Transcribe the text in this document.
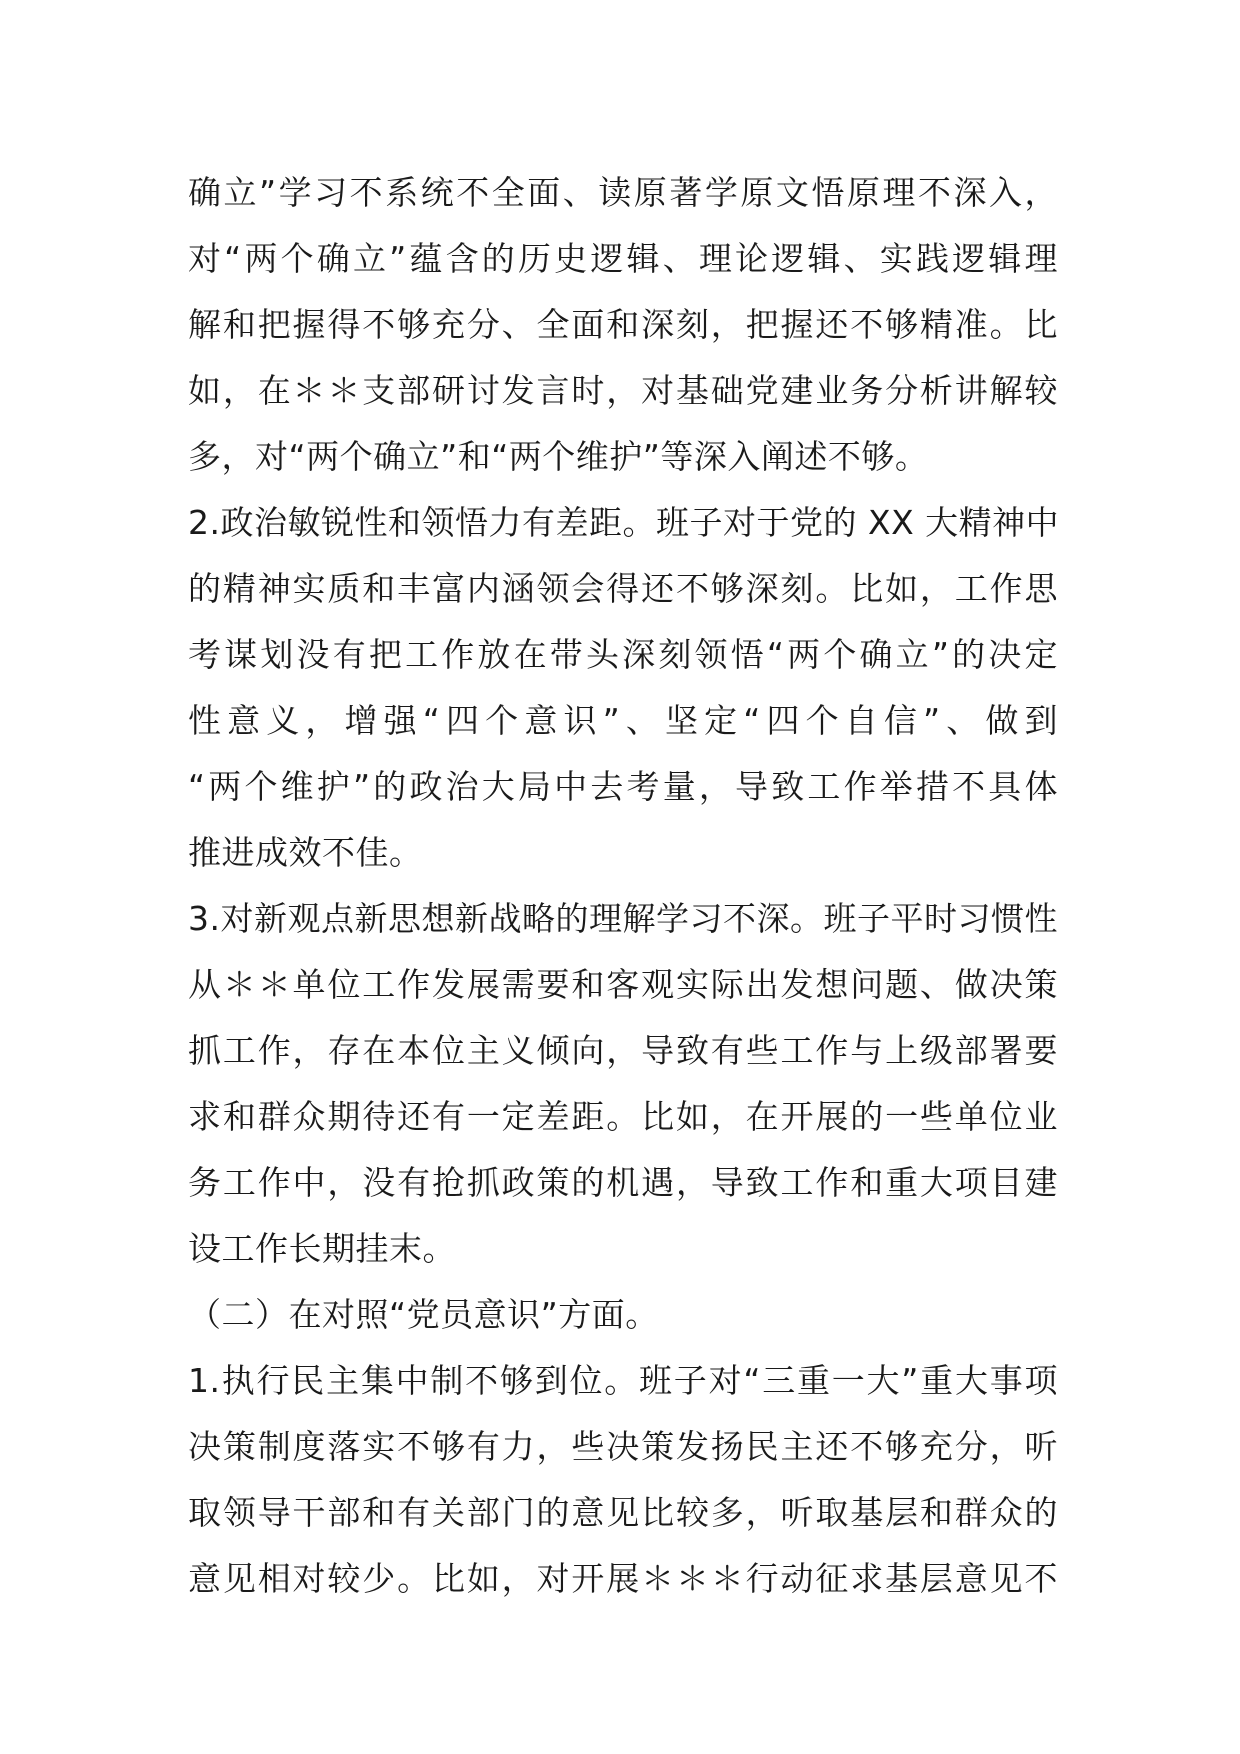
确立”学习不系统不全面、读原著学原文悟原理不深入，
对“两个确立”蕴含的历史逻辑、理论逻辑、实践逻辑理
解和把握得不够充分、全面和深刻，把握还不够精准。比
如，在＊＊支部研讨发言时，对基础党建业务分析讲解较
多，对“两个确立”和“两个维护”等深入阐述不够。
2.政治敏锐性和领悟力有差距。班子对于党的 XX 大精神中
的精神实质和丰富内涵领会得还不够深刻。比如，工作思
考谋划没有把工作放在带头深刻领悟“两个确立”的决定
性意义，增强“四个意识”、坚定“四个自信”、做到
“两个维护”的政治大局中去考量，导致工作举措不具体
推进成效不佳。
3.对新观点新思想新战略的理解学习不深。班子平时习惯性
从＊＊单位工作发展需要和客观实际出发想问题、做决策
抓工作，存在本位主义倾向，导致有些工作与上级部署要
求和群众期待还有一定差距。比如，在开展的一些单位业
务工作中，没有抢抓政策的机遇，导致工作和重大项目建
设工作长期挂末。
（二）在对照“党员意识”方面。
1.执行民主集中制不够到位。班子对“三重一大”重大事项
决策制度落实不够有力，些决策发扬民主还不够充分，听
取领导干部和有关部门的意见比较多，听取基层和群众的
意见相对较少。比如，对开展＊＊＊行动征求基层意见不
